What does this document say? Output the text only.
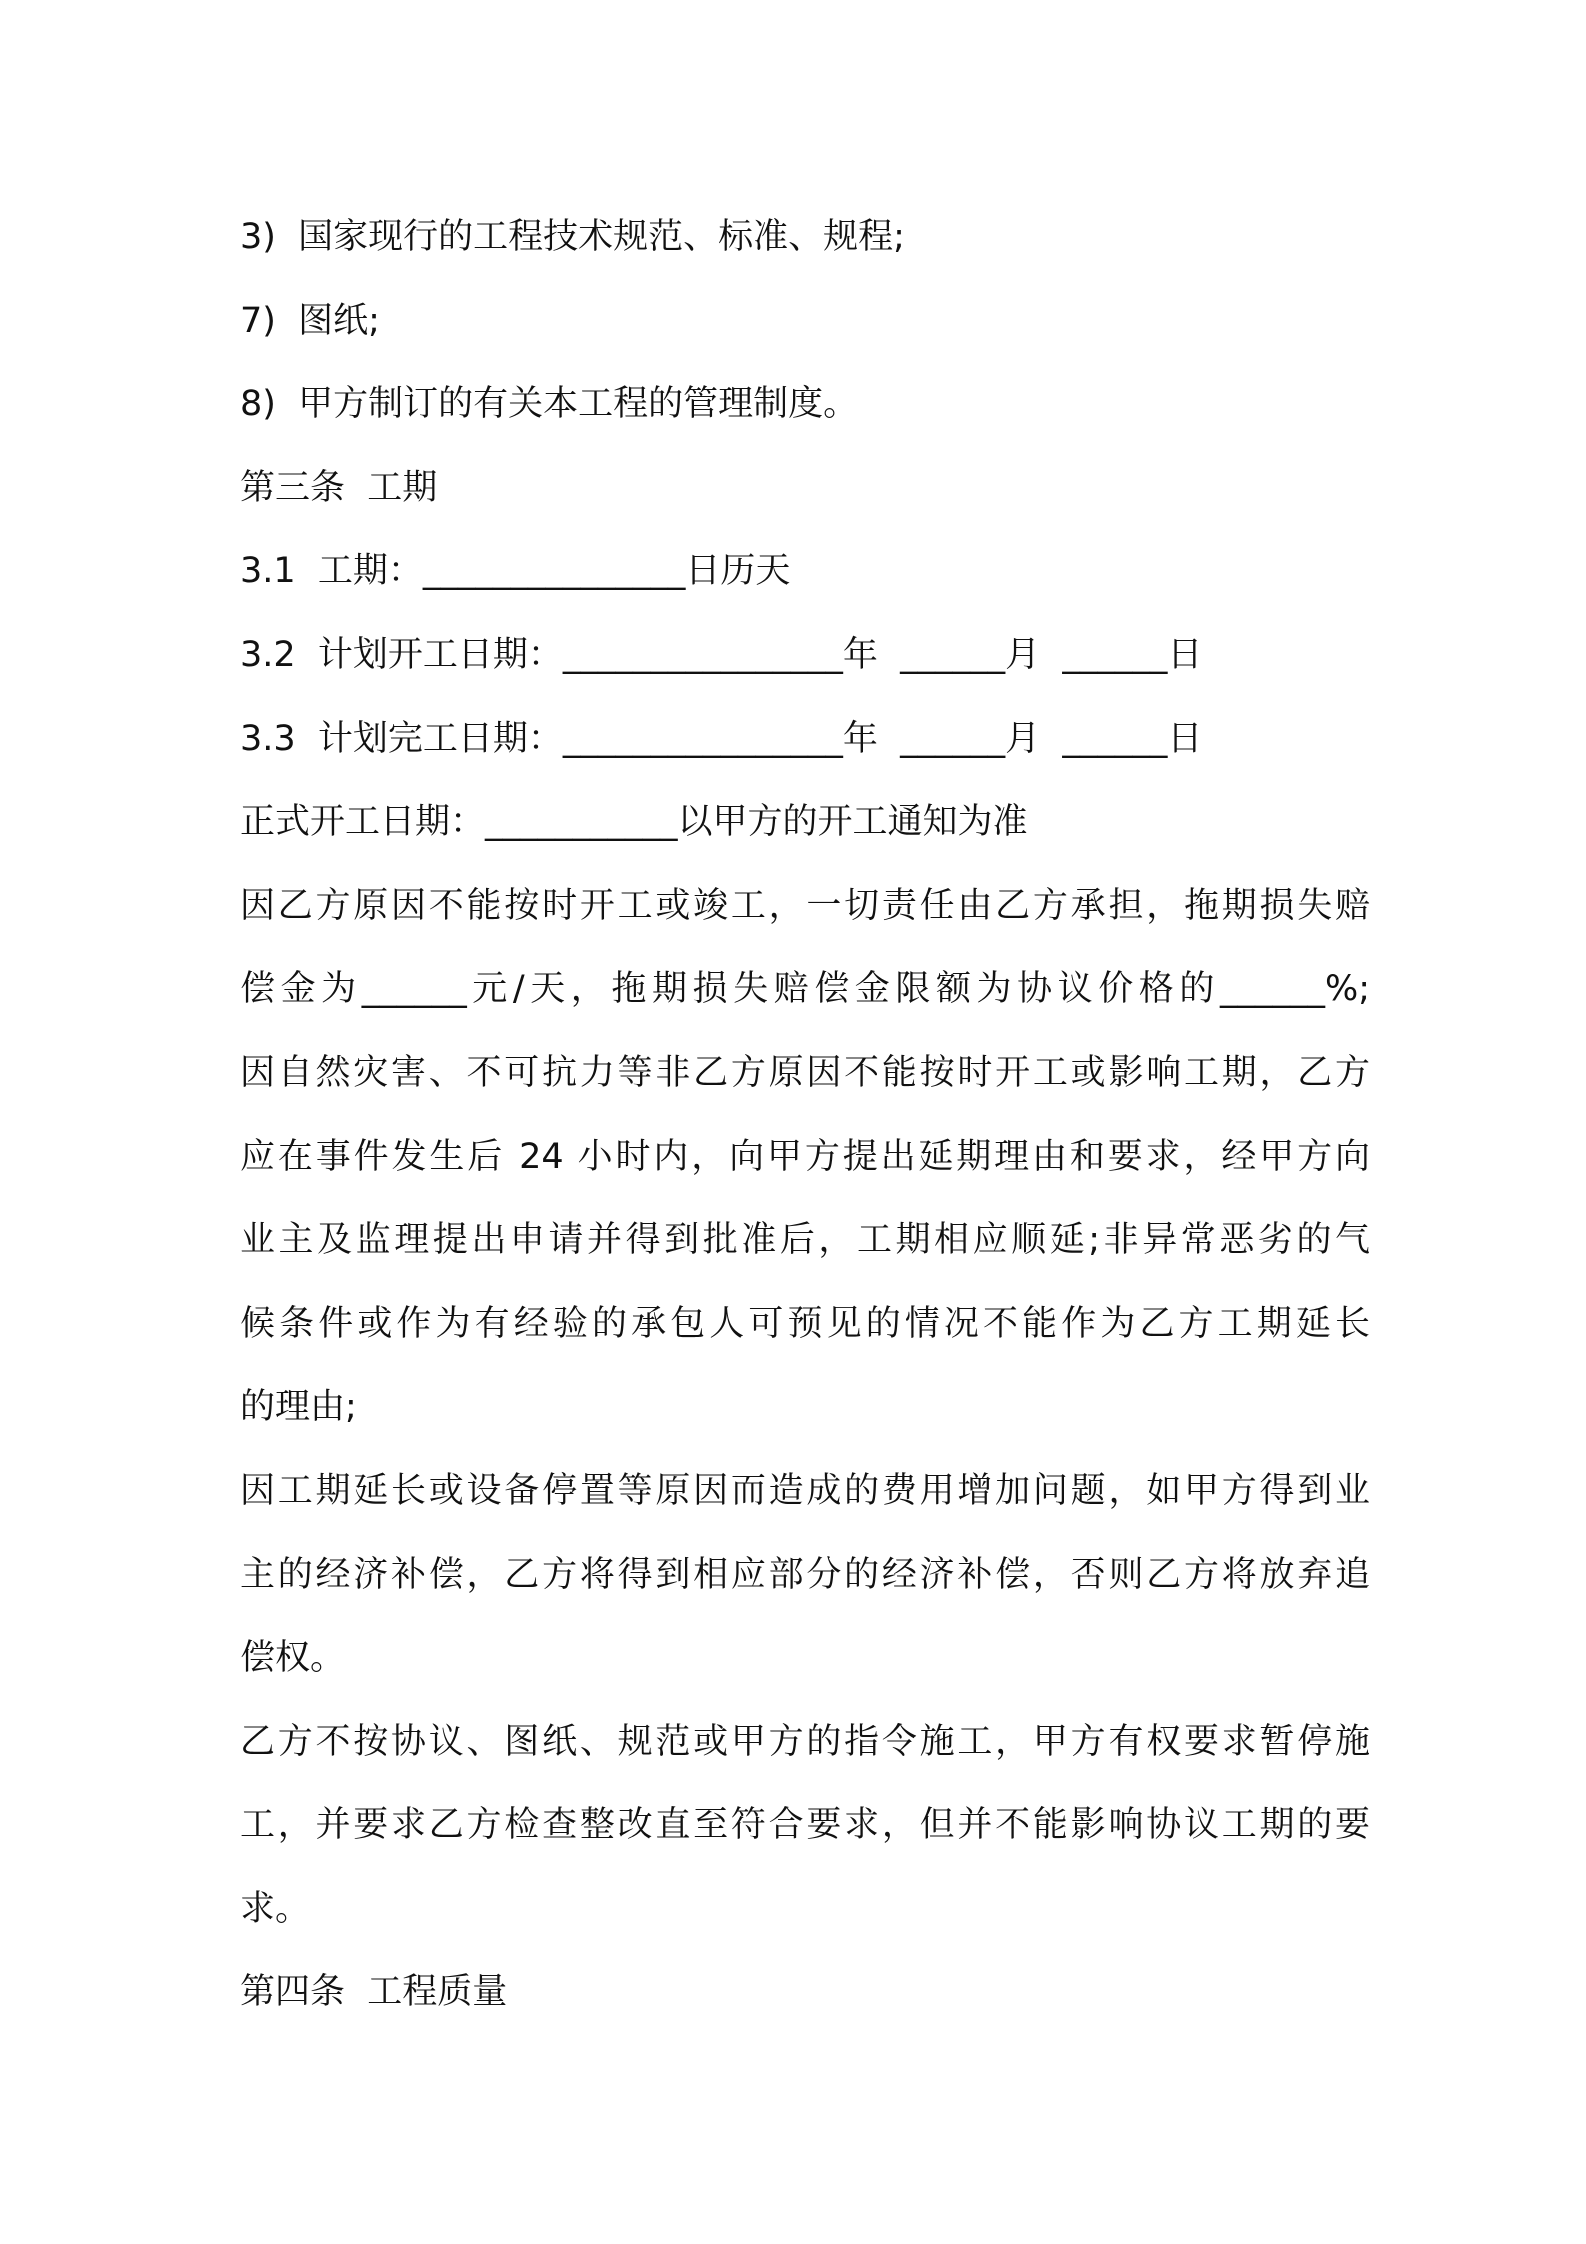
3)  国家现行的工程技术规范、标准、规程;
7)  图纸;
8)  甲方制订的有关本工程的管理制度。
第三条  工期
3.1  工期：_______________日历天
3.2  计划开工日期：________________年  ______月  ______日
3.3  计划完工日期：________________年  ______月  ______日
正式开工日期：___________以甲方的开工通知为准
因乙方原因不能按时开工或竣工，一切责任由乙方承担，拖期损失赔
偿金为______元/天，拖期损失赔偿金限额为协议价格的______%;
因自然灾害、不可抗力等非乙方原因不能按时开工或影响工期，乙方
应在事件发生后 24 小时内，向甲方提出延期理由和要求，经甲方向
业主及监理提出申请并得到批准后，工期相应顺延;非异常恶劣的气
候条件或作为有经验的承包人可预见的情况不能作为乙方工期延长
的理由;
因工期延长或设备停置等原因而造成的费用增加问题，如甲方得到业
主的经济补偿，乙方将得到相应部分的经济补偿，否则乙方将放弃追
偿权。
乙方不按协议、图纸、规范或甲方的指令施工，甲方有权要求暂停施
工，并要求乙方检查整改直至符合要求，但并不能影响协议工期的要
求。
第四条  工程质量
